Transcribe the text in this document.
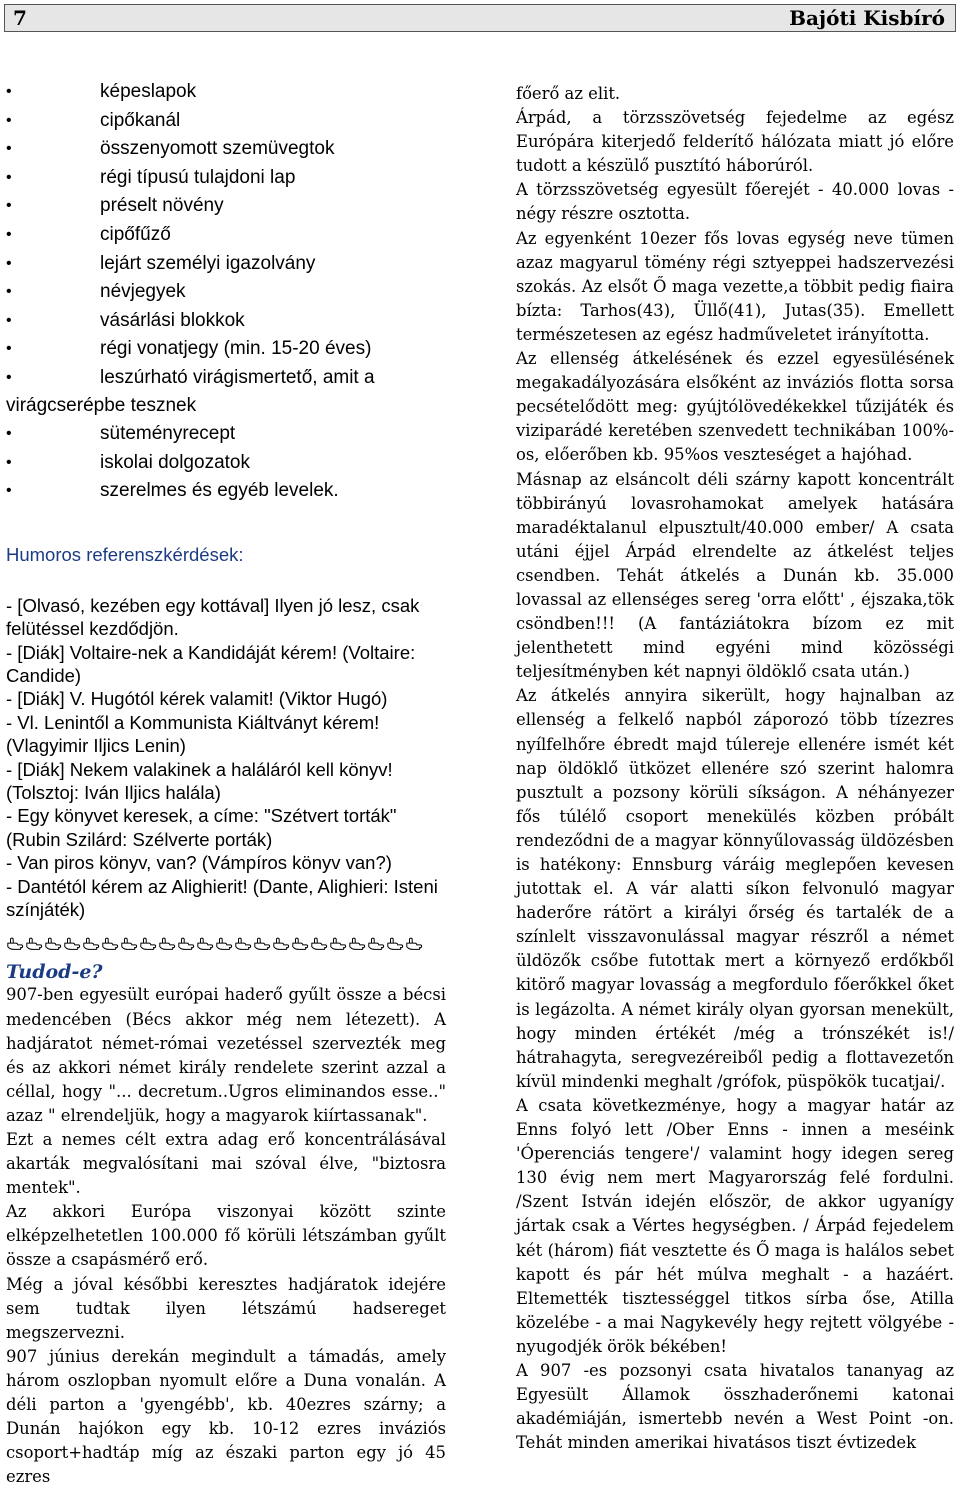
7	Bajóti Kisbíró
•	képeslapok
•	cipőkanál
•	összenyomott szemüvegtok
•	régi típusú tulajdoni lap
•	préselt növény
•	cipőfűző
•	lejárt személyi igazolvány
•	névjegyek
•	vásárlási blokkok
•	régi vonatjegy (min. 15-20 éves)
•	leszúrható virágismertető, amit a
virágcserépbe tesznek
•	süteményrecept
•	iskolai dolgozatok
•	szerelmes és egyéb levelek.
Humoros referenszkérdések:

- [Olvasó, kezében egy kottával] Ilyen jó lesz, csak felütéssel kezdődjön.

- [Diák] Voltaire-nek a Kandidáját kérem! (Voltaire: Candide)

- [Diák] V. Hugótól kérek valamit! (Viktor Hugó)

- Vl. Lenintől a Kommunista Kiáltványt kérem! (Vlagyimir Iljics Lenin)

- [Diák] Nekem valakinek a haláláról kell könyv! (Tolsztoj: Iván Iljics halála)

- Egy könyvet keresek, a címe: "Szétvert torták" (Rubin Szilárd: Szélverte porták)

- Van piros könyv, van? (Vámpíros könyv van?)

- Dantétól kérem az Alighierit! (Dante, Alighieri: Isteni színjáték)

Tudod-e?

907-ben egyesült európai haderő gyűlt össze a bécsi medencében (Bécs akkor még nem létezett). A hadjáratot német-római vezetéssel szervezték meg és az akkori német király rendelete szerint azzal a céllal, hogy "... decretum..Ugros eliminandos esse.." azaz " elrendeljük, hogy a magyarok kiírtassanak".

Ezt a nemes célt extra adag erő koncentrálásával akarták megvalósítani mai szóval élve, "biztosra mentek".

Az akkori Európa viszonyai között szinte elképzelhetetlen 100.000 fő körüli létszámban gyűlt össze a csapásmérő erő.

Még a jóval későbbi keresztes hadjáratok idejére sem tudtak ilyen létszámú hadsereget megszervezni.

907 június derekán megindult a támadás, amely három oszlopban nyomult előre a Duna vonalán. A déli parton a 'gyengébb', kb. 40ezres szárny; a Dunán hajókon egy kb. 10-12 ezres inváziós csoport+hadtáp míg az északi parton egy jó 45 ezres

főerő az elit.

Árpád, a törzsszövetség fejedelme az egész Európára kiterjedő felderítő hálózata miatt jó előre tudott a készülő pusztító háborúról.

A törzsszövetség egyesült főerejét - 40.000 lovas - négy részre osztotta.

Az egyenként 10ezer fős lovas egység neve tümen azaz magyarul tömény régi sztyeppei hadszervezési szokás. Az elsőt Ő maga vezette,a többit pedig fiaira bízta: Tarhos(43), Üllő(41), Jutas(35). Emellett természetesen az egész hadműveletet irányította.

Az ellenség átkelésének és ezzel egyesülésének megakadályozására elsőként az inváziós flotta sorsa pecsételődött meg: gyújtólövedékekkel tűzijáték és viziparádé keretében szenvedett technikában 100%-os, előerőben kb. 95%os veszteséget a hajóhad.

Másnap az elsáncolt déli szárny kapott koncentrált többirányú lovasrohamokat amelyek hatására maradéktalanul elpusztult/40.000 ember/ A csata utáni éjjel Árpád elrendelte az átkelést teljes csendben. Tehát átkelés a Dunán kb. 35.000 lovassal az ellenséges sereg 'orra előtt' , éjszaka,tök csöndben!!! (A fantáziátokra bízom ez mit jelenthetett mind egyéni mind közösségi teljesítményben két napnyi öldöklő csata után.)

Az átkelés annyira sikerült, hogy hajnalban az ellenség a felkelő napból záporozó több tízezres nyílfelhőre ébredt majd túlereje ellenére ismét két nap öldöklő ütközet ellenére szó szerint halomra pusztult a pozsony körüli síkságon. A néhányezer fős túlélő csoport menekülés közben próbált rendeződni de a magyar könnyűlovasság üldözésben is hatékony: Ennsburg váráig meglepően kevesen jutottak el. A vár alatti síkon felvonuló magyar haderőre rátört a királyi őrség és tartalék de a színlelt visszavonulással magyar részről a német üldözők csőbe futottak mert a környező erdőkből kitörő magyar lovasság a megfordulo főerőkkel őket is legázolta. A német király olyan gyorsan menekült, hogy minden értékét /még a trónszékét is!/ hátrahagyta, seregvezéreiből pedig a flottavezetőn kívül mindenki meghalt /grófok, püspökök tucatjai/.

A csata következménye, hogy a magyar határ az Enns folyó lett /Ober Enns - innen a meséink 'Óperenciás tengere'/ valamint hogy idegen sereg 130 évig nem mert Magyarország felé fordulni. /Szent István idején először, de akkor ugyanígy jártak csak a Vértes hegységben. / Árpád fejedelem két (három) fiát vesztette és Ő maga is halálos sebet kapott és pár hét múlva meghalt - a hazáért. Eltemették tisztességgel titkos sírba őse, Atilla közelébe - a mai Nagykevély hegy rejtett völgyébe - nyugodjék örök békében!

A 907 -es pozsonyi csata hivatalos tananyag az Egyesült Államok összhaderőnemi katonai akadémiáján, ismertebb nevén a West Point -on. Tehát minden amerikai hivatásos tiszt évtizedek
